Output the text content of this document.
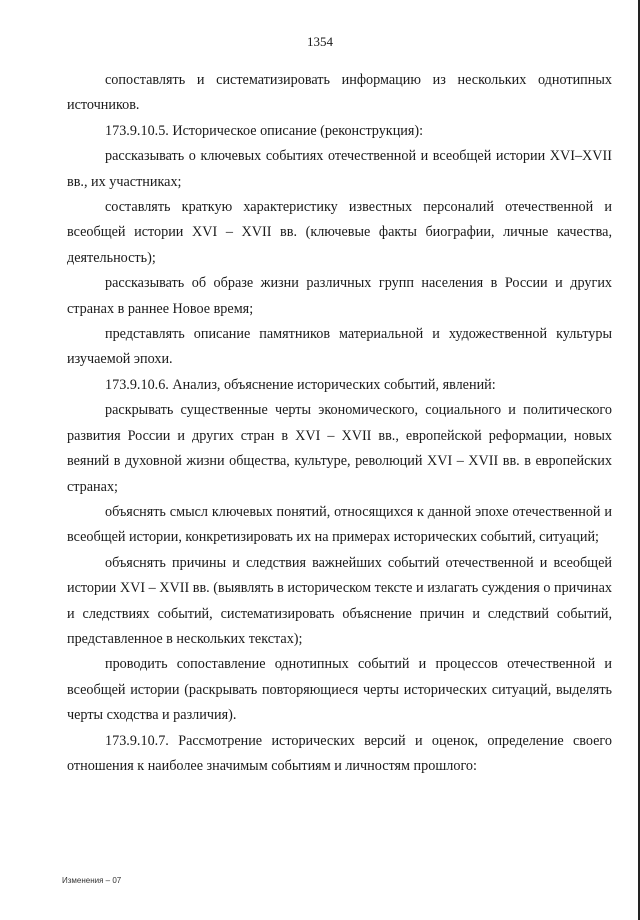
1354

сопоставлять и систематизировать информацию из нескольких однотипных источников.

173.9.10.5. Историческое описание (реконструкция):

рассказывать о ключевых событиях отечественной и всеобщей истории XVI–XVII вв., их участниках;

составлять краткую характеристику известных персоналий отечественной и всеобщей истории XVI – XVII вв. (ключевые факты биографии, личные качества, деятельность);

рассказывать об образе жизни различных групп населения в России и других странах в раннее Новое время;

представлять описание памятников материальной и художественной культуры изучаемой эпохи.

173.9.10.6. Анализ, объяснение исторических событий, явлений:

раскрывать существенные черты экономического, социального и политического развития России и других стран в XVI – XVII вв., европейской реформации, новых веяний в духовной жизни общества, культуре, революций XVI – XVII вв. в европейских странах;

объяснять смысл ключевых понятий, относящихся к данной эпохе отечественной и всеобщей истории, конкретизировать их на примерах исторических событий, ситуаций;

объяснять причины и следствия важнейших событий отечественной и всеобщей истории XVI – XVII вв. (выявлять в историческом тексте и излагать суждения о причинах и следствиях событий, систематизировать объяснение причин и следствий событий, представленное в нескольких текстах);

проводить сопоставление однотипных событий и процессов отечественной и всеобщей истории (раскрывать повторяющиеся черты исторических ситуаций, выделять черты сходства и различия).

173.9.10.7. Рассмотрение исторических версий и оценок, определение своего отношения к наиболее значимым событиям и личностям прошлого:

Изменения – 07
